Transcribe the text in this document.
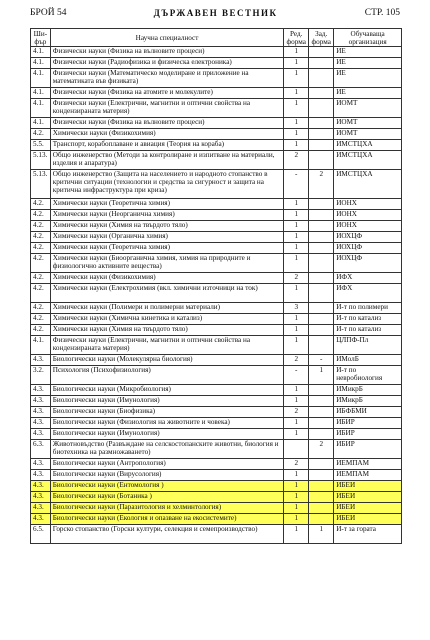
БРОЙ 54	ДЪРЖАВЕН ВЕСТНИК	СТР. 105
Ши-фър	Научна специалност	Ред. форма	Зад. форма	Обучаваща организация
4.1.	Физически науки (Физика на вълновите процеси)	1		ИЕ
4.1.	Физически науки (Радиофизика и физическа електроника)	1		ИЕ
4.1.	Физически науки (Математическо моделиране и приложение на математиката във физиката)	1		ИЕ
4.1.	Физически науки (Физика на атомите и молекулите)	1		ИЕ
4.1.	Физически науки (Електрични, магнитни и оптични свойства на кондензираната материя)	1		ИОМТ
4.1.	Физически науки (Физика на вълновите процеси)	1		ИОМТ
4.2.	Химически науки (Физикохимия)	1		ИОМТ
5.5.	Транспорт, корабоплаване и авиация (Теория на кораба)	1		ИМСТЦХА
5.13.	Общо инженерство (Методи за контролиране и изпитване на материали, изделия и апаратура)	2		ИМСТЦХА
5.13.	Общо инженерство (Защита на населението и народното стопанство в критични ситуации (технологии и средства за сигурност и защита на критична инфраструктура при криза)	-	2	ИМСТЦХА
4.2.	Химически науки (Теоретична химия)	1		ИОНХ
4.2.	Химически науки (Неорганична химия)	1		ИОНХ
4.2.	Химически науки (Химия на твърдото тяло)	1		ИОНХ
4.2.	Химически науки (Органична химия)	1		ИОХЦФ
4.2.	Химически науки (Теоретична химия)	1		ИОХЦФ
4.2.	Химически науки (Биоорганична химия, химия на природните и физиологично активните вещества)	1		ИОХЦФ
4.2.	Химически науки (Физикохимия)	2		ИФХ
4.2.	Химически науки (Електрохимия (вкл. химични източници на ток)	1		ИФХ
4.2.	Химически науки (Полимери и полимерни материали)	3		И-т по полимери
4.2.	Химически науки (Химична кинетика и катализ)	1		И-т по катализ
4.2.	Химически науки (Химия на твърдото тяло)	1		И-т по катализ
4.1.	Физически науки (Електрични, магнитни и оптични свойства на кондензираната материя)	1		ЦЛПФ-Пл
4.3.	Биологически науки (Молекулярна биология)	2	-	ИМолБ
3.2.	Психология (Психофизиология)	-	1	И-т по невробиология
4.3.	Биологически науки (Микробиология)	1		ИМикрБ
4.3.	Биологически науки (Имунология)	1		ИМикрБ
4.3.	Биологически науки (Биофизика)	2		ИБФБМИ
4.3.	Биологически науки (Физиология на животните и човека)	1		ИБИР
4.3.	Биологически науки (Имунология)	1		ИБИР
6.3.	Животновъдство (Развъждане на селскостопанските животни, биология и биотехника на размножаването)		2	ИБИР
4.3.	Биологически науки (Антропология)	2		ИЕМПАМ
4.3.	Биологически науки (Вирусология)	1		ИЕМПАМ
4.3.	Биологически науки (Ентомология )	1		ИБЕИ
4.3.	Биологически науки (Ботаника )	1		ИБЕИ
4.3.	Биологически науки (Паразитология и хелминтология)	1		ИБЕИ
4.3.	Биологически науки (Екология и опазване на екосистемите)	1		ИБЕИ
6.5.	Горско стопанство (Горски култури, селекция и семепроизводство)	1	1	И-т за гората
